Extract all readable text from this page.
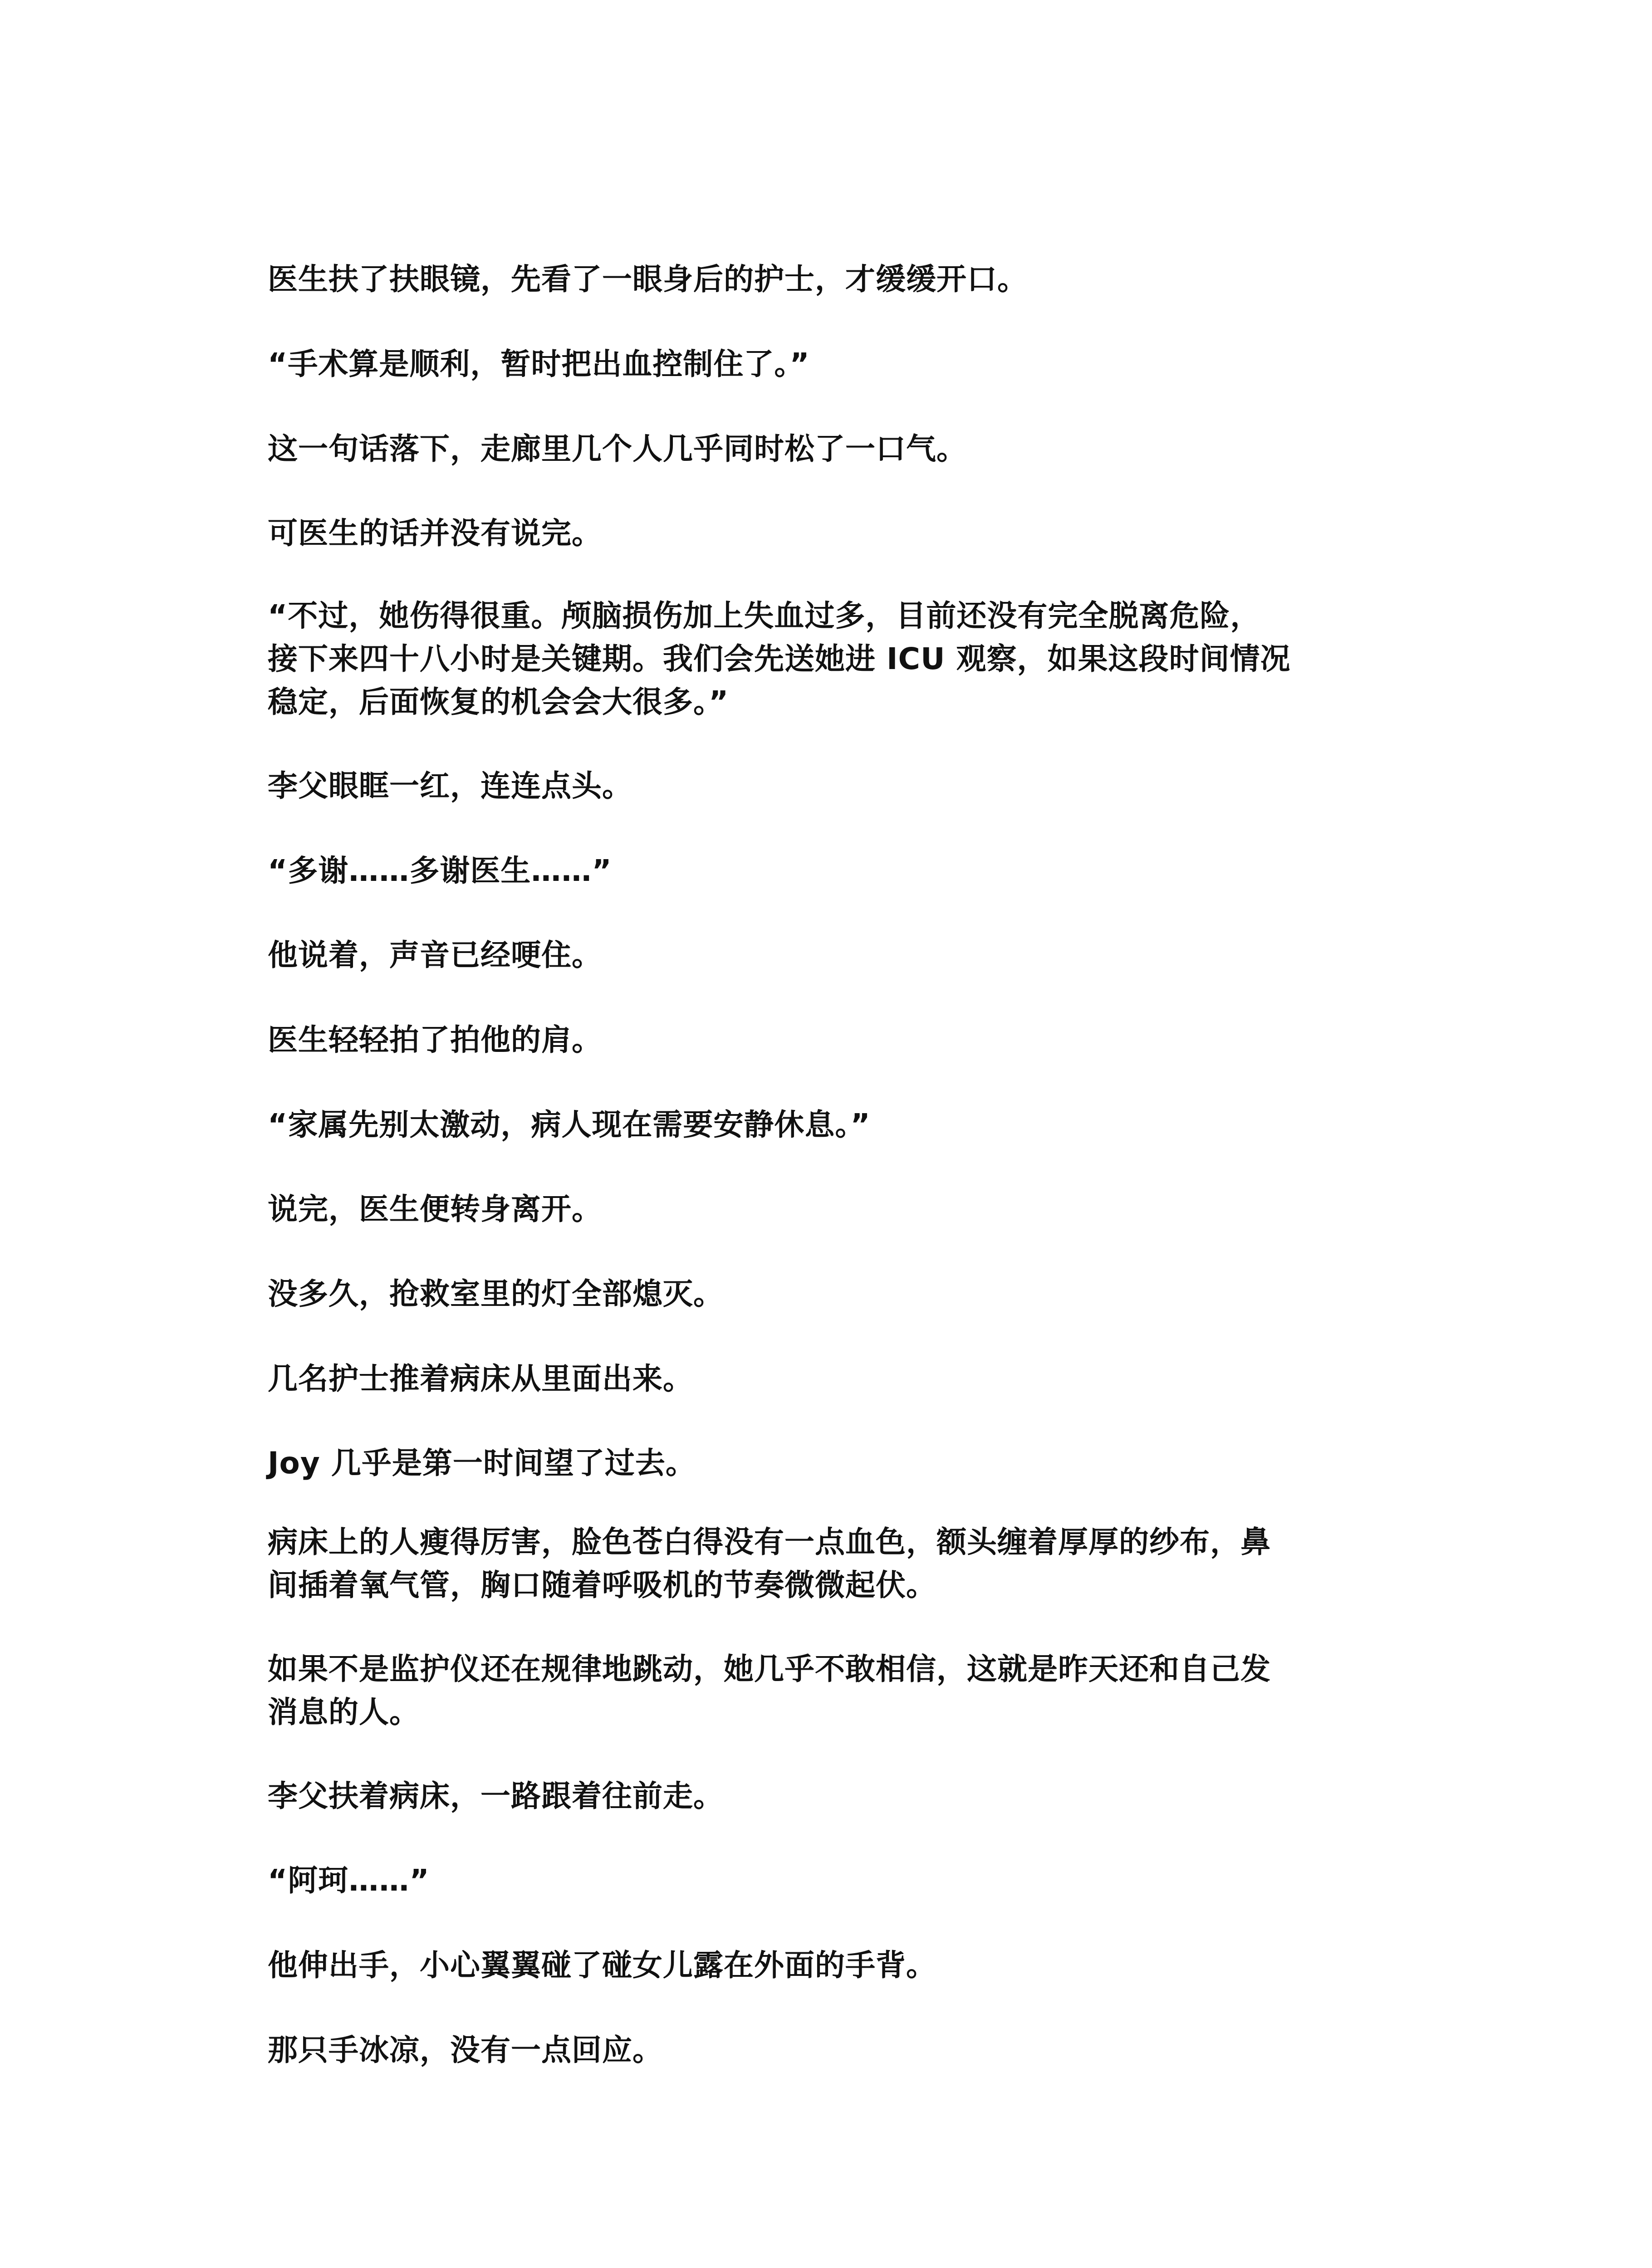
医生扶了扶眼镜，先看了一眼身后的护士，才缓缓开口。

“手术算是顺利，暂时把出血控制住了。”

这一句话落下，走廊里几个人几乎同时松了一口气。

可医生的话并没有说完。

“不过，她伤得很重。颅脑损伤加上失血过多，目前还没有完全脱离危险，
接下来四十八小时是关键期。我们会先送她进 ICU 观察，如果这段时间情况
稳定，后面恢复的机会会大很多。”

李父眼眶一红，连连点头。

“多谢……多谢医生……”

他说着，声音已经哽住。

医生轻轻拍了拍他的肩。

“家属先别太激动，病人现在需要安静休息。”

说完，医生便转身离开。

没多久，抢救室里的灯全部熄灭。

几名护士推着病床从里面出来。

Joy 几乎是第一时间望了过去。

病床上的人瘦得厉害，脸色苍白得没有一点血色，额头缠着厚厚的纱布，鼻
间插着氧气管，胸口随着呼吸机的节奏微微起伏。

如果不是监护仪还在规律地跳动，她几乎不敢相信，这就是昨天还和自己发
消息的人。

李父扶着病床，一路跟着往前走。

“阿珂……”

他伸出手，小心翼翼碰了碰女儿露在外面的手背。

那只手冰凉，没有一点回应。
